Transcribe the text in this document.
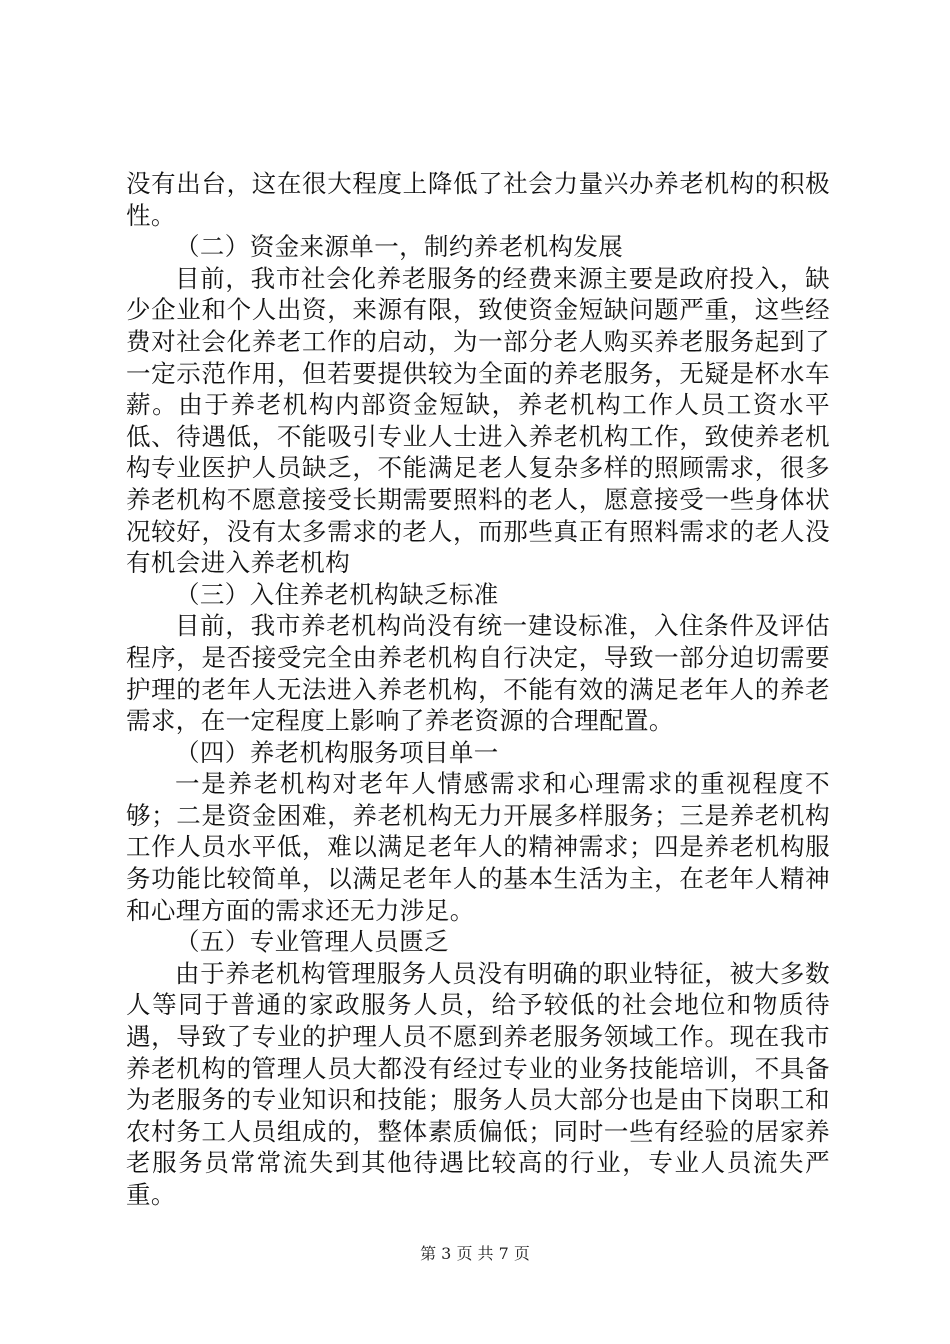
没有出台，这在很大程度上降低了社会力量兴办养老机构的积极性。

（二）资金来源单一，制约养老机构发展

目前，我市社会化养老服务的经费来源主要是政府投入，缺少企业和个人出资，来源有限，致使资金短缺问题严重，这些经费对社会化养老工作的启动，为一部分老人购买养老服务起到了一定示范作用，但若要提供较为全面的养老服务，无疑是杯水车薪。由于养老机构内部资金短缺，养老机构工作人员工资水平低、待遇低，不能吸引专业人士进入养老机构工作，致使养老机构专业医护人员缺乏，不能满足老人复杂多样的照顾需求，很多养老机构不愿意接受长期需要照料的老人，愿意接受一些身体状况较好，没有太多需求的老人，而那些真正有照料需求的老人没有机会进入养老机构

（三）入住养老机构缺乏标准

目前，我市养老机构尚没有统一建设标准，入住条件及评估程序，是否接受完全由养老机构自行决定，导致一部分迫切需要护理的老年人无法进入养老机构，不能有效的满足老年人的养老需求，在一定程度上影响了养老资源的合理配置。

（四）养老机构服务项目单一

一是养老机构对老年人情感需求和心理需求的重视程度不够；二是资金困难，养老机构无力开展多样服务；三是养老机构工作人员水平低，难以满足老年人的精神需求；四是养老机构服务功能比较简单，以满足老年人的基本生活为主，在老年人精神和心理方面的需求还无力涉足。

（五）专业管理人员匮乏

由于养老机构管理服务人员没有明确的职业特征，被大多数人等同于普通的家政服务人员，给予较低的社会地位和物质待遇，导致了专业的护理人员不愿到养老服务领域工作。现在我市养老机构的管理人员大都没有经过专业的业务技能培训，不具备为老服务的专业知识和技能；服务人员大部分也是由下岗职工和农村务工人员组成的，整体素质偏低；同时一些有经验的居家养老服务员常常流失到其他待遇比较高的行业，专业人员流失严重。

第 3 页 共 7 页
